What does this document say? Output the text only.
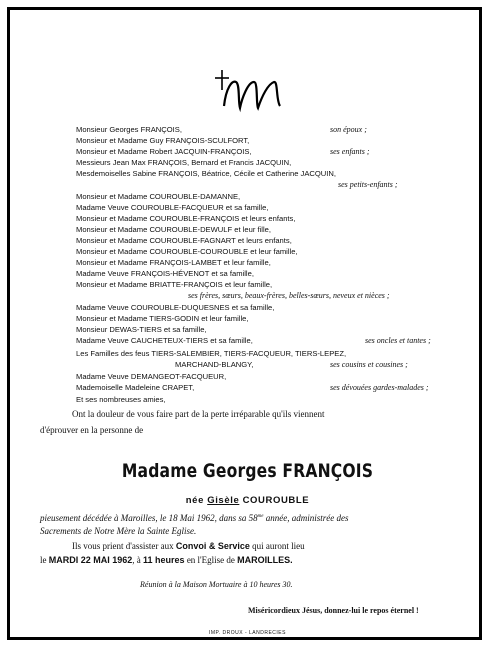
Monsieur Georges FRANÇOIS,	son époux ;
Monsieur et Madame Guy FRANÇOIS-SCULFORT,
Monsieur et Madame Robert JACQUIN-FRANÇOIS,	ses enfants ;
Messieurs Jean Max FRANÇOIS, Bernard et Francis JACQUIN,
Mesdemoiselles Sabine FRANÇOIS, Béatrice, Cécile et Catherine JACQUIN,
ses petits-enfants ;
Monsieur et Madame COUROUBLE-DAMANNE,
Madame Veuve COUROUBLE-FACQUEUR et sa famille,
Monsieur et Madame COUROUBLE-FRANÇOIS et leurs enfants,
Monsieur et Madame COUROUBLE-DEWULF et leur fille,
Monsieur et Madame COUROUBLE-FAGNART et leurs enfants,
Monsieur et Madame COUROUBLE-COUROUBLE et leur famille,
Monsieur et Madame FRANÇOIS-LAMBET et leur famille,
Madame Veuve FRANÇOIS-HÉVENOT et sa famille,
Monsieur et Madame BRIATTE-FRANÇOIS et leur famille,
ses frères, sœurs, beaux-frères, belles-sœurs, neveux et nièces ;
Madame Veuve COUROUBLE-DUQUESNES et sa famille,
Monsieur et Madame TIERS-GODIN et leur famille,
Monsieur DEWAS-TIERS et sa famille,
Madame Veuve CAUCHETEUX-TIERS et sa famille,	ses oncles et tantes ;
Les Familles des feus TIERS-SALEMBIER, TIERS-FACQUEUR, TIERS-LEPEZ,
MARCHAND-BLANGY,	ses cousins et cousines ;
Madame Veuve DEMANGEOT-FACQUEUR,
Mademoiselle Madeleine CRAPET,	ses dévouées gardes-malades ;
Et ses nombreuses amies,
Ont la douleur de vous faire part de la perte irréparable qu'ils viennent
d'éprouver en la personne de
Madame Georges FRANÇOIS
née Gisèle COUROUBLE
pieusement décédée à Maroilles, le 18 Mai 1962, dans sa $58^{me}$ année, administrée des
Sacrements de Notre Mère la Sainte Eglise.
Ils vous prient d'assister aux Convoi & Service qui auront lieu
le MARDI 22 MAI 1962, à 11 heures en l'Eglise de MAROILLES.
Réunion à la Maison Mortuaire à 10 heures 30.
Miséricordieux Jésus, donnez-lui le repos éternel !
IMP. DROUX - LANDRECIES
